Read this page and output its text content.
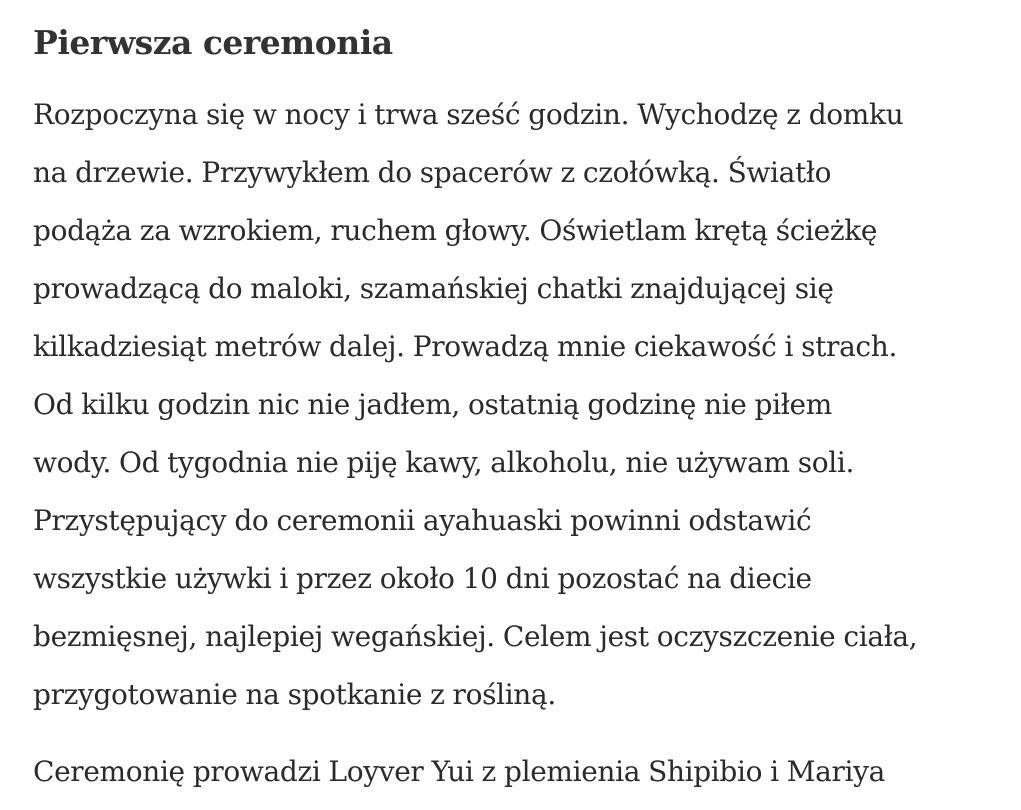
Pierwsza ceremonia
Rozpoczyna się w nocy i trwa sześć godzin. Wychodzę z domku
na drzewie. Przywykłem do spacerów z czołówką. Światło
podąża za wzrokiem, ruchem głowy. Oświetlam krętą ścieżkę
prowadzącą do maloki, szamańskiej chatki znajdującej się
kilkadziesiąt metrów dalej. Prowadzą mnie ciekawość i strach.
Od kilku godzin nic nie jadłem, ostatnią godzinę nie piłem
wody. Od tygodnia nie piję kawy, alkoholu, nie używam soli.
Przystępujący do ceremonii ayahuaski powinni odstawić
wszystkie używki i przez około 10 dni pozostać na diecie
bezmięsnej, najlepiej wegańskiej. Celem jest oczyszczenie ciała,
przygotowanie na spotkanie z rośliną.
Ceremonię prowadzi Loyver Yui z plemienia Shipibio i Mariya
